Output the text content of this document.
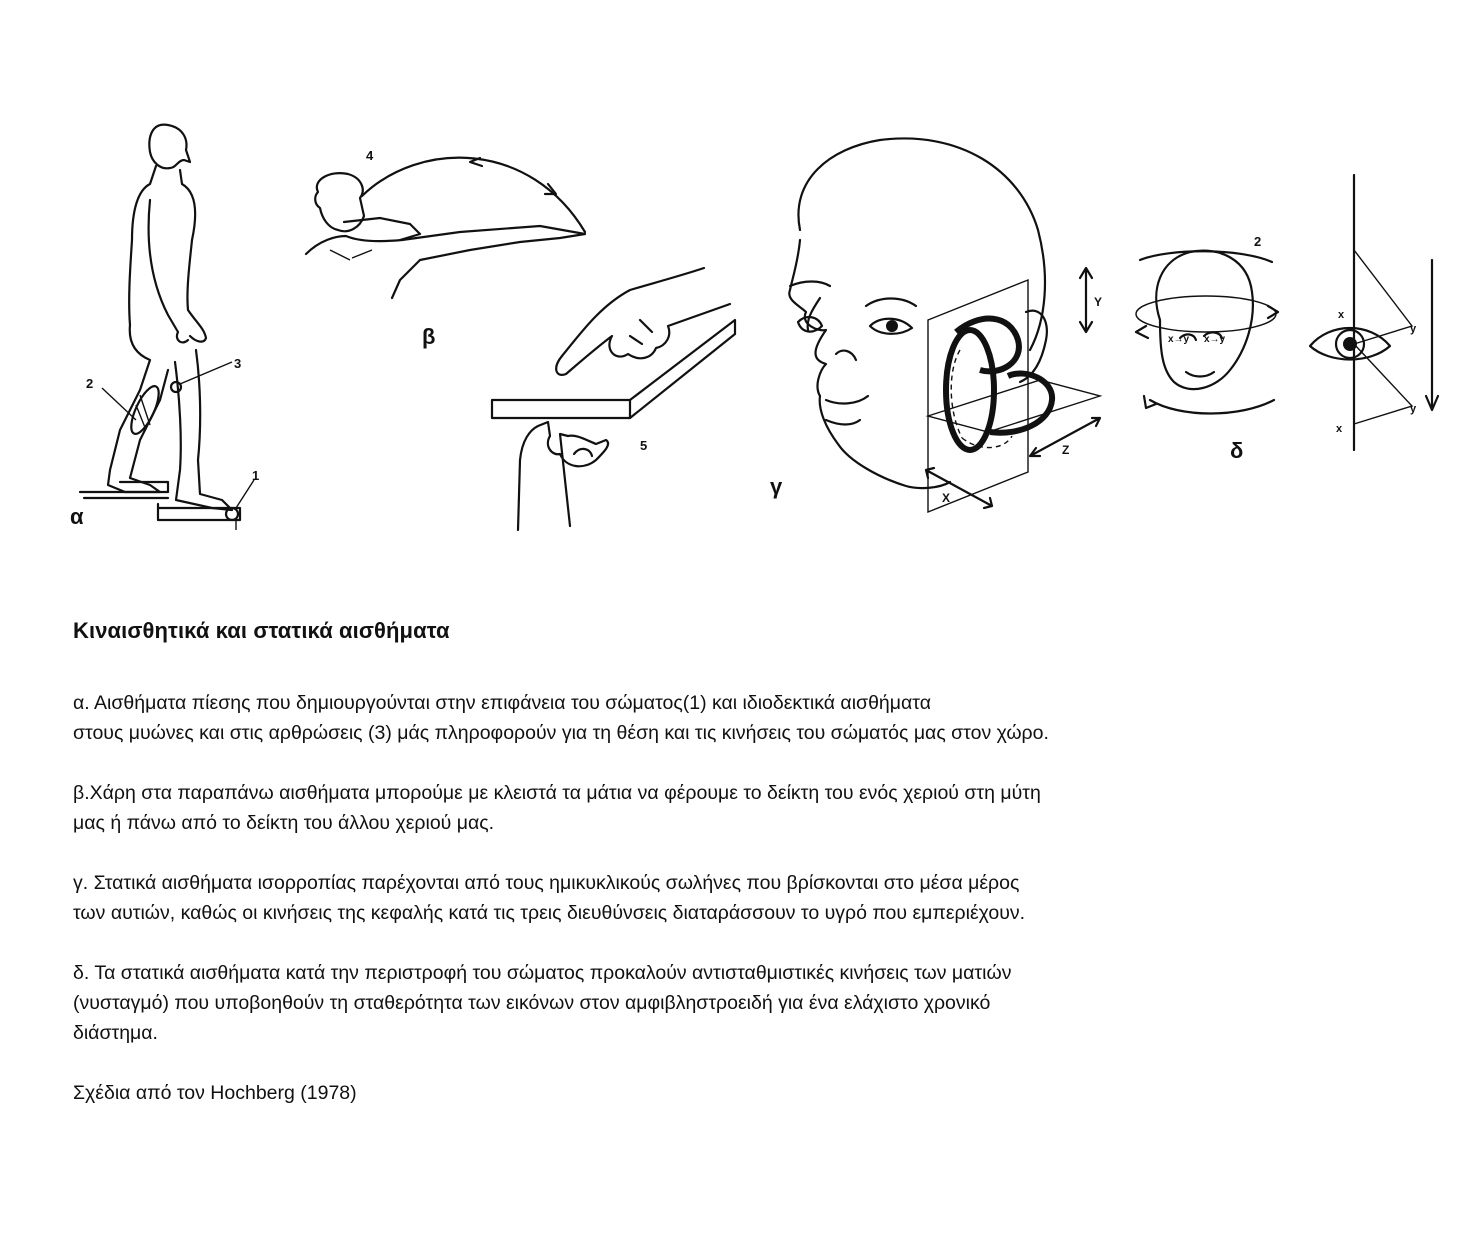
α
2
3
1
4
β
5
Y
Z
X
γ
x→y x→y
2
δ
y
y
x
x
Κιναισθητικά και στατικά αισθήματα
α. Αισθήματα πίεσης που δημιουργούνται στην επιφάνεια του σώματος(1) και ιδιοδεκτικά αισθήματα
στους μυώνες και στις αρθρώσεις (3) μάς πληροφορούν για τη θέση και τις κινήσεις του σώματός μας στον χώρο.
β.Χάρη στα παραπάνω αισθήματα μπορούμε με κλειστά τα μάτια να φέρουμε το δείκτη του ενός χεριού στη μύτη
μας ή πάνω από το δείκτη του άλλου χεριού μας.
γ. Στατικά αισθήματα ισορροπίας παρέχονται από τους ημικυκλικούς σωλήνες που βρίσκονται στο μέσα μέρος
των αυτιών, καθώς οι κινήσεις της κεφαλής κατά τις τρεις διευθύνσεις διαταράσσουν το υγρό που εμπεριέχουν.
δ. Τα στατικά αισθήματα κατά την περιστροφή του σώματος προκαλούν αντισταθμιστικές κινήσεις των ματιών
(νυσταγμό) που υποβοηθούν τη σταθερότητα των εικόνων στον αμφιβληστροειδή για ένα ελάχιστο χρονικό
διάστημα.
Σχέδια από τον Hochberg (1978)
